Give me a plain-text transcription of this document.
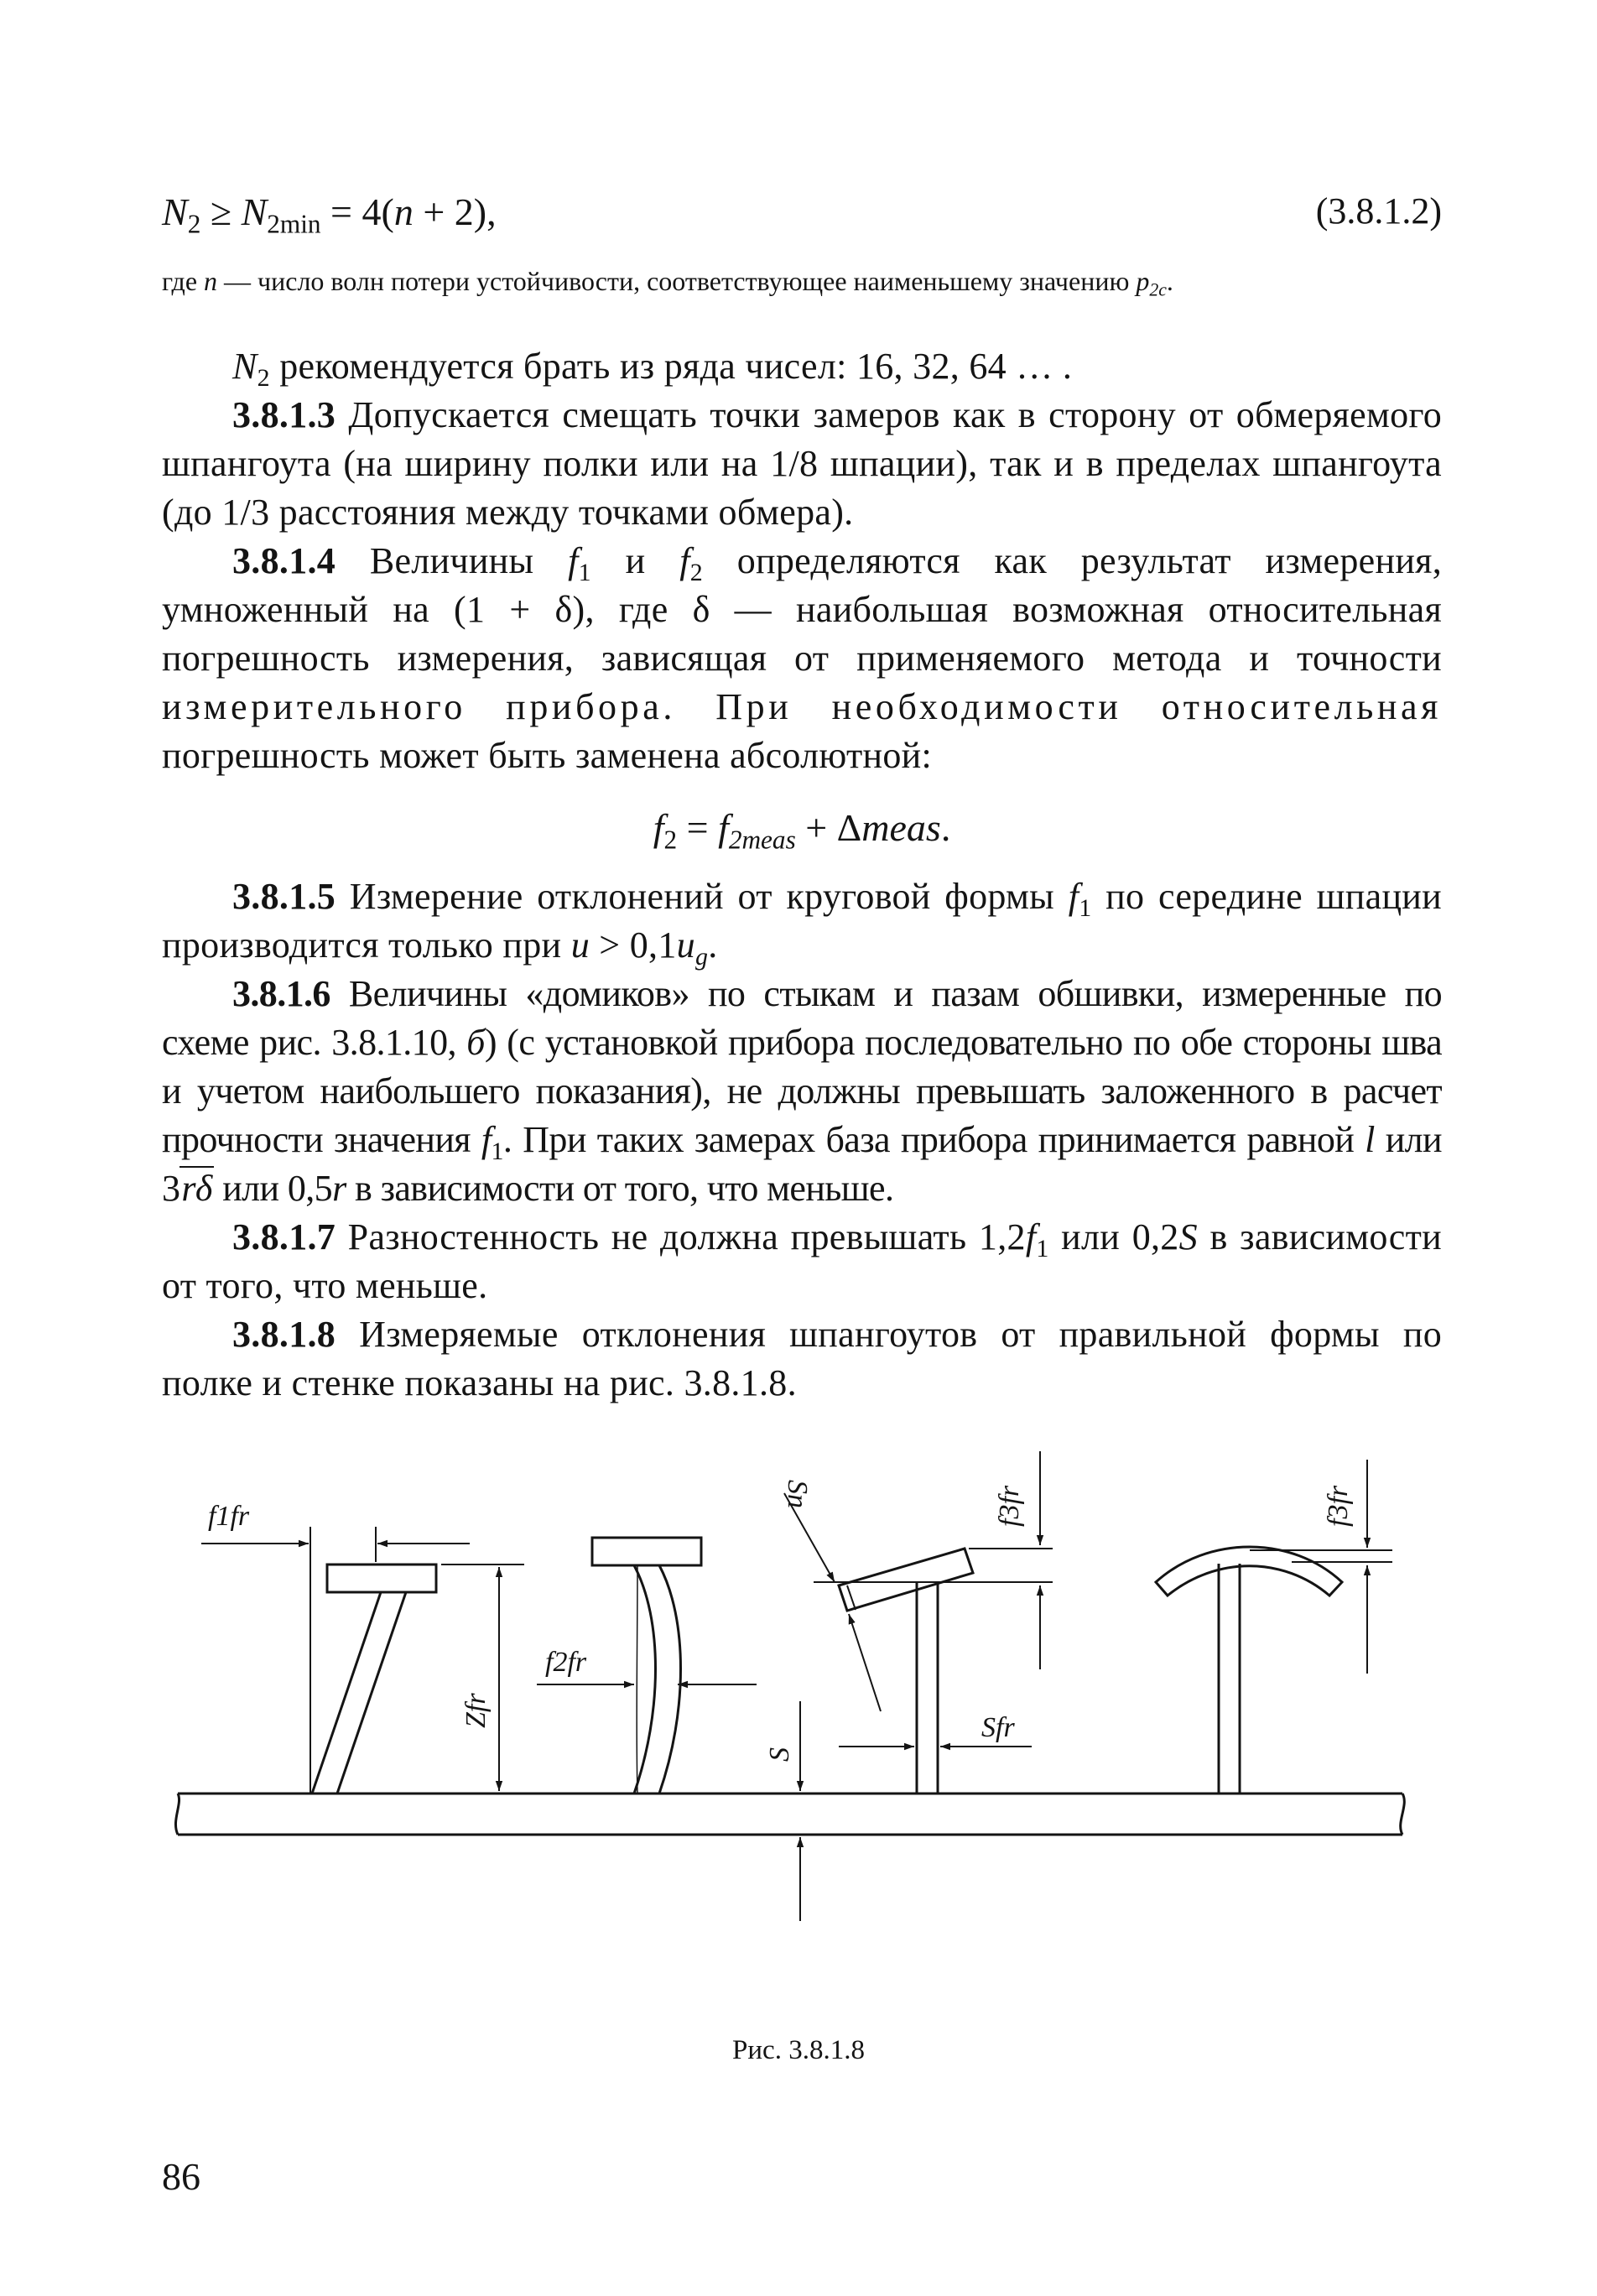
$N_2 \ge N_{2min} = 4(n + 2)$,	(3.8.1.2)
где n — число волн потери устойчивости, соответствующее наименьшему значению $p_{2c}$.

$N_2$ рекомендуется брать из ряда чисел: 16, 32, 64 … .

3.8.1.3 Допускается смещать точки замеров как в сторону от обмеряемого шпангоута (на ширину полки или на 1/8 шпации), так и в пределах шпангоута (до 1/3 расстояния между точками обмера).

3.8.1.4 Величины $f_1$ и $f_2$ определяются как результат измерения, умноженный на (1 + δ), где δ — наибольшая возможная относительная погрешность измерения, зависящая от применяемого метода и точности измерительного прибора. При необходимости относительная погрешность может быть заменена абсолютной:

$f_2 = f_{2meas}$ + Δmeas.

3.8.1.5 Измерение отклонений от круговой формы $f_1$ по середине шпации производится только при $u > 0,1u_g$.

3.8.1.6 Величины «домиков» по стыкам и пазам обшивки, измеренные по схеме рис. 3.8.1.10, б) (с установкой прибора последовательно по обе стороны шва и учетом наибольшего показания), не должны превышать заложенного в расчет прочности значения $f_1$. При таких замерах база прибора принимается равной l или 3rδ или 0,5r в зависимости от того, что меньше.

3.8.1.7 Разностенность не должна превышать $1,2f_1$ или 0,2S в зависимости от того, что меньше.

3.8.1.8 Измеряемые отклонения шпангоутов от правильной формы по полке и стенке показаны на рис. 3.8.1.8.

f1fr
Zfr
f2fr
S
Sn	f3fr
Sfr
f3fr
Рис. 3.8.1.8
86
